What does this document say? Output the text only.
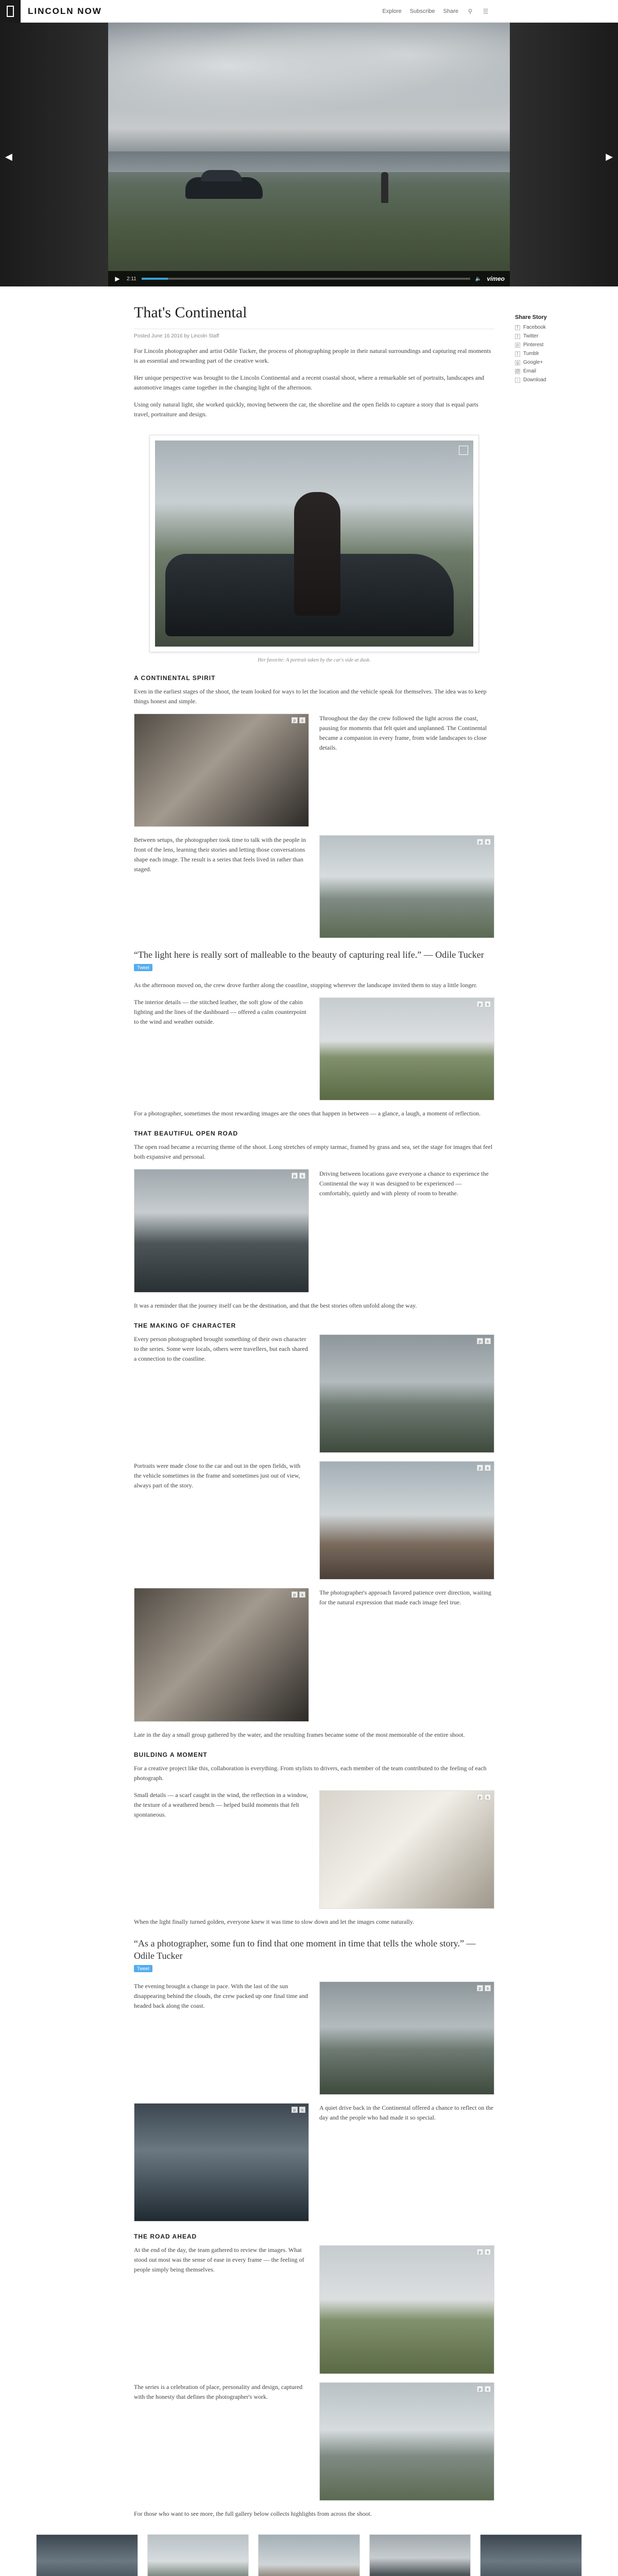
LINCOLN NOW	Explore Subscribe Share ⚲ ☰
◀	▶
▶	2:11	🔈 vimeo
Share Story
f Facebook
t Twitter
p Pinterest
t Tumblr
g Google+
@ Email
↓ Download
That's Continental
Posted June 16 2016 by Lincoln Staff

For Lincoln photographer and artist Odile Tucker, the process of photographing people in their natural surroundings and capturing real moments is an essential and rewarding part of the creative work.

Her unique perspective was brought to the Lincoln Continental and a recent coastal shoot, where a remarkable set of portraits, landscapes and automotive images came together in the changing light of the afternoon.

Using only natural light, she worked quickly, moving between the car, the shoreline and the open fields to capture a story that is equal parts travel, portraiture and design.

Her favorite: A portrait taken by the car's side at dusk.
A CONTINENTAL SPIRIT

Even in the earliest stages of the shoot, the team looked for ways to let the location and the vehicle speak for themselves. The idea was to keep things honest and simple.

p	s	Throughout the day the crew followed the light across the coast, pausing for moments that felt quiet and unplanned. The Continental became a companion in every frame, from wide landscapes to close details.

Between setups, the photographer took time to talk with the people in front of the lens, learning their stories and letting those conversations shape each image. The result is a series that feels lived in rather than staged.

p	s

“The light here is really sort of malleable to the beauty of capturing real life.” — Odile Tucker

Tweet

As the afternoon moved on, the crew drove further along the coastline, stopping wherever the landscape invited them to stay a little longer.

The interior details — the stitched leather, the soft glow of the cabin lighting and the lines of the dashboard — offered a calm counterpoint to the wind and weather outside.

p	s

For a photographer, sometimes the most rewarding images are the ones that happen in between — a glance, a laugh, a moment of reflection.

THAT BEAUTIFUL OPEN ROAD

The open road became a recurring theme of the shoot. Long stretches of empty tarmac, framed by grass and sea, set the stage for images that feel both expansive and personal.

p	s	Driving between locations gave everyone a chance to experience the Continental the way it was designed to be experienced — comfortably, quietly and with plenty of room to breathe.

It was a reminder that the journey itself can be the destination, and that the best stories often unfold along the way.

THE MAKING OF CHARACTER

Every person photographed brought something of their own character to the series. Some were locals, others were travellers, but each shared a connection to the coastline.

p	s

Portraits were made close to the car and out in the open fields, with the vehicle sometimes in the frame and sometimes just out of view, always part of the story.

p	s
p	s	The photographer's approach favored patience over direction, waiting for the natural expression that made each image feel true.

Late in the day a small group gathered by the water, and the resulting frames became some of the most memorable of the entire shoot.

BUILDING A MOMENT

For a creative project like this, collaboration is everything. From stylists to drivers, each member of the team contributed to the feeling of each photograph.

Small details — a scarf caught in the wind, the reflection in a window, the texture of a weathered bench — helped build moments that felt spontaneous.

p	s

When the light finally turned golden, everyone knew it was time to slow down and let the images come naturally.

“As a photographer, some fun to find that one moment in time that tells the whole story.” — Odile Tucker

Tweet

The evening brought a change in pace. With the last of the sun disappearing behind the clouds, the crew packed up one final time and headed back along the coast.

p	s
p	s	A quiet drive back in the Continental offered a chance to reflect on the day and the people who had made it so special.

THE ROAD AHEAD

At the end of the day, the team gathered to review the images. What stood out most was the sense of ease in every frame — the feeling of people simply being themselves.

p	s

The series is a celebration of place, personality and design, captured with the honesty that defines the photographer's work.

p	s

For those who want to see more, the full gallery below collects highlights from across the shoot.
